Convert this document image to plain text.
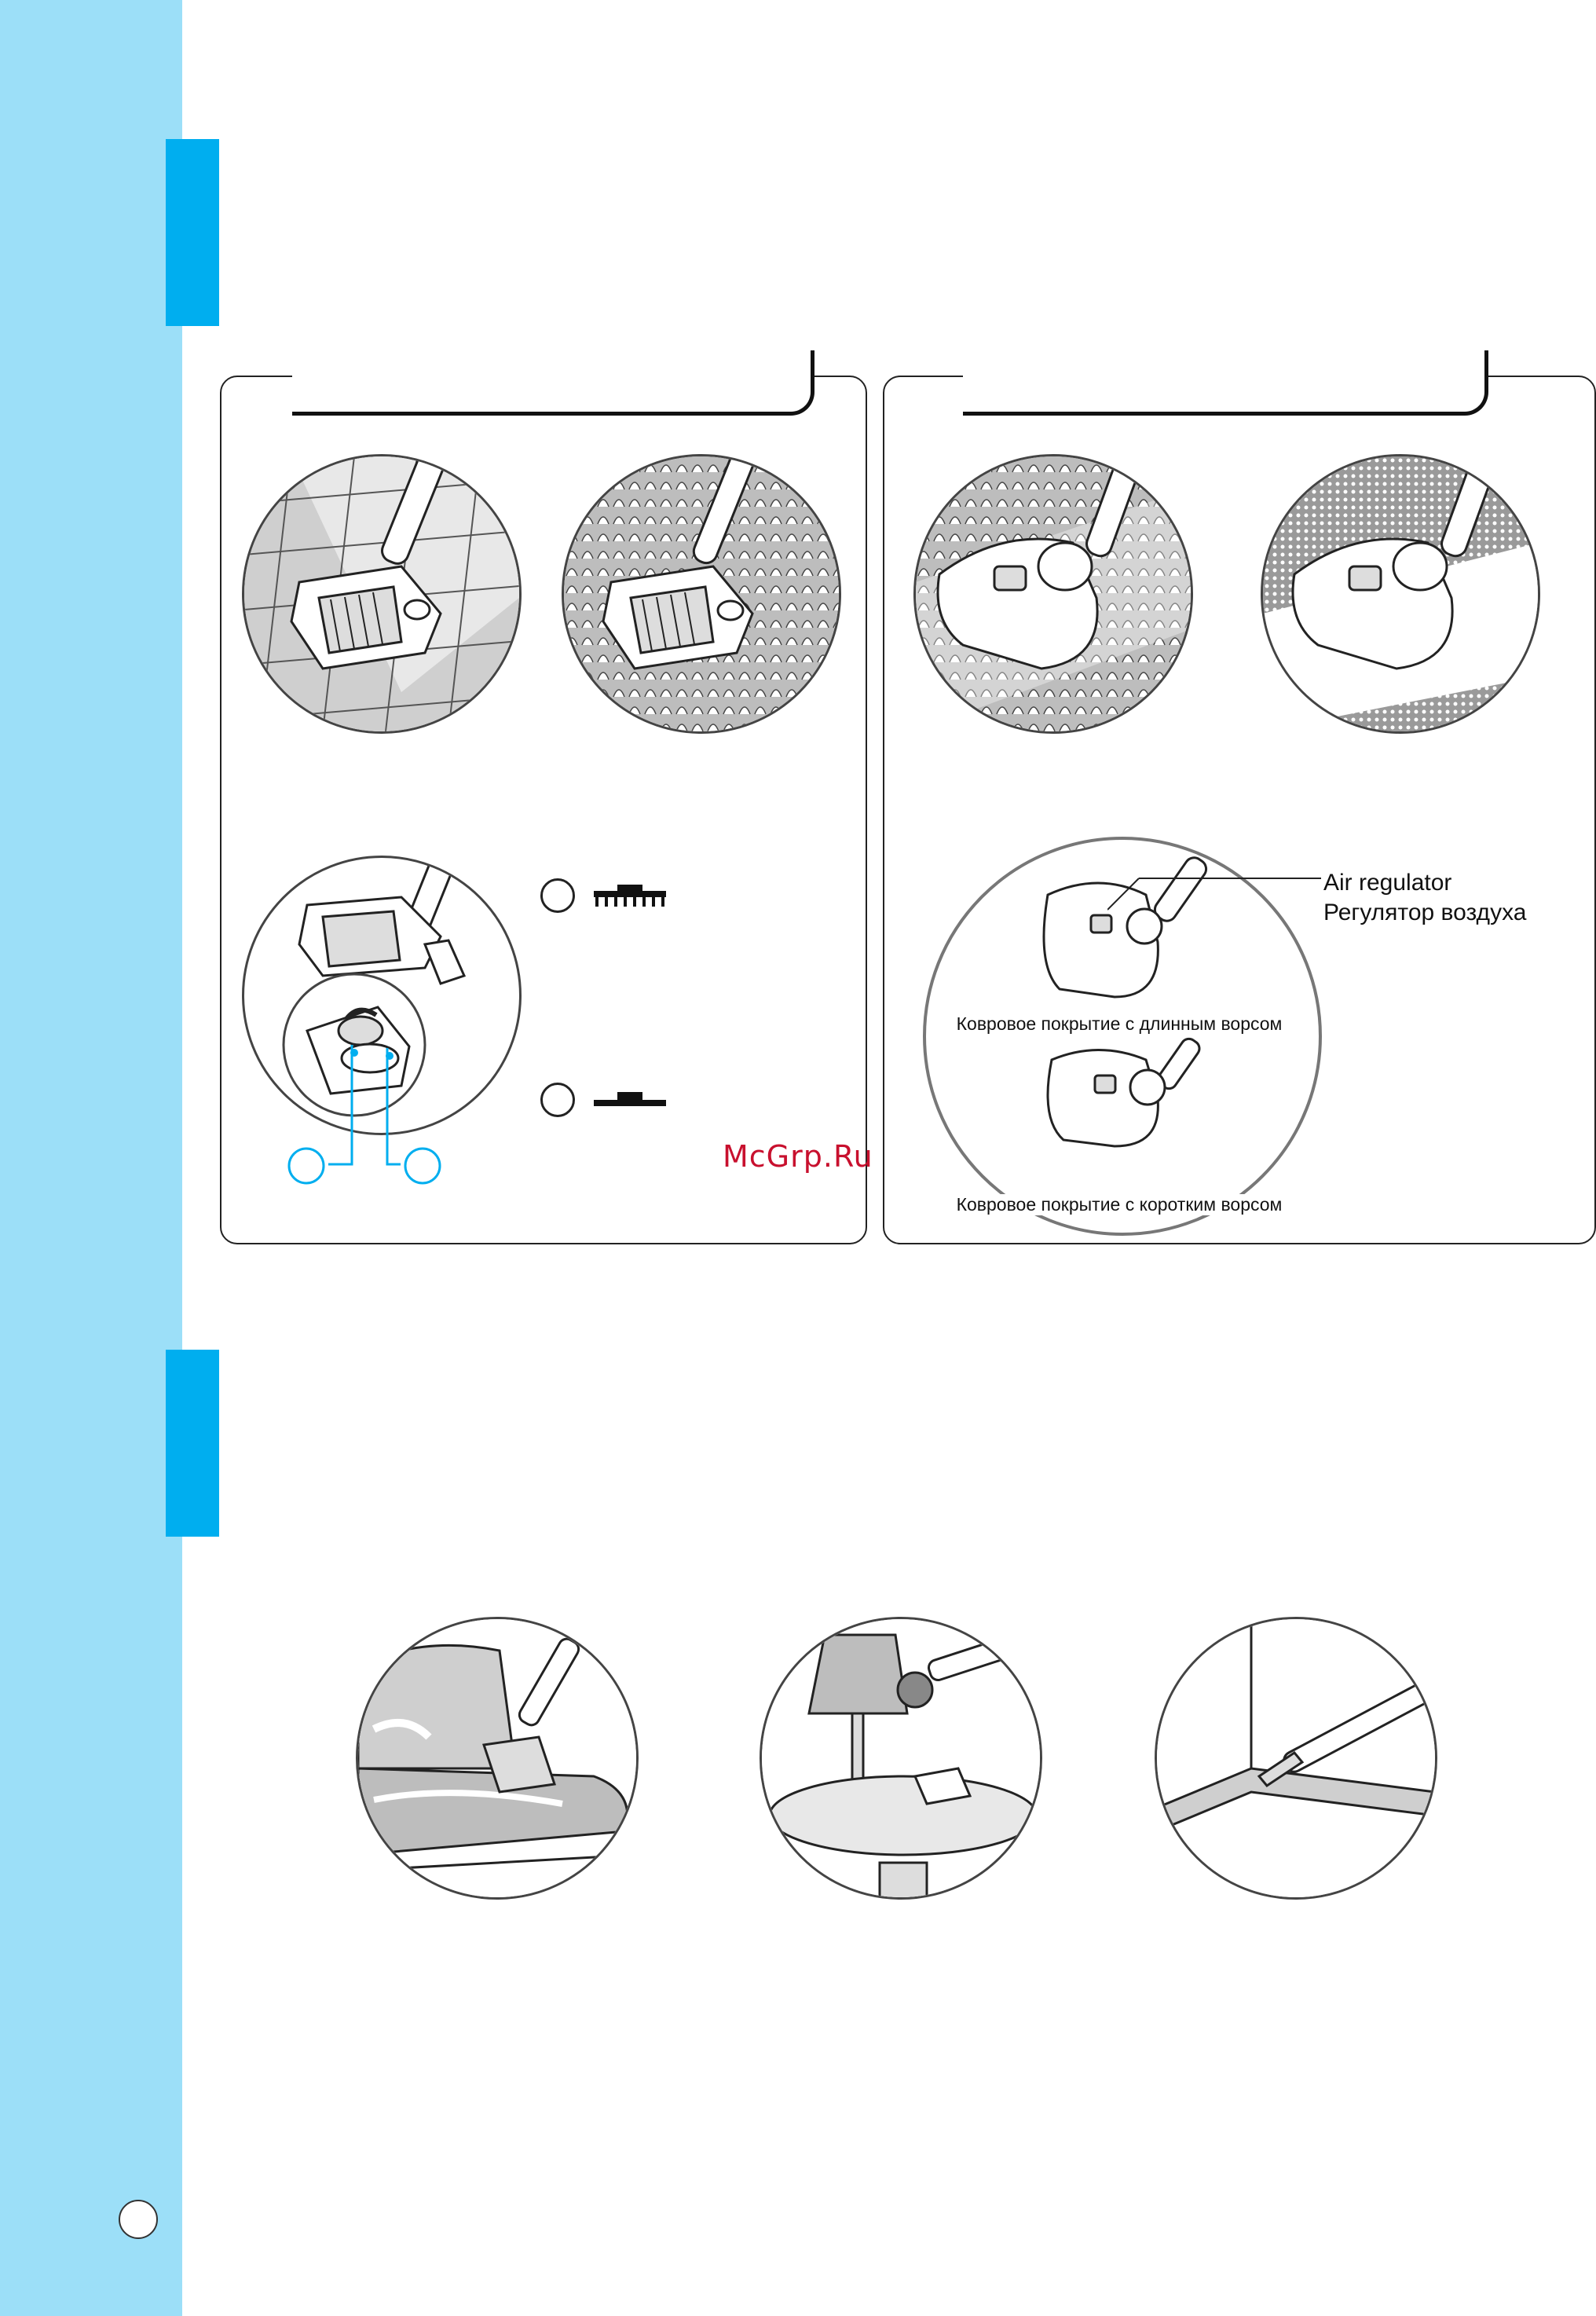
McGrp.Ru
Air regulator
Регулятор воздуха
Ковровое покрытие с длинным ворсом
Ковровое покрытие с коротким ворсом
